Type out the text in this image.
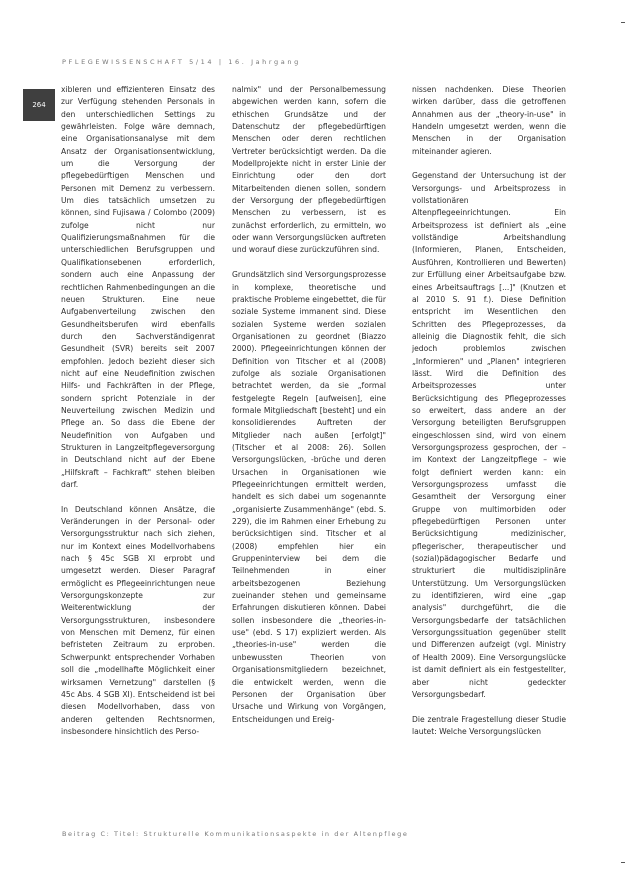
PFLEGEWISSENSCHAFT 5/14 | 16. Jahrgang
264

xibleren und effizienteren Einsatz des zur Verfügung stehenden Personals in den unterschiedlichen Settings zu gewährleisten. Folge wäre demnach, eine Organisationsanalyse mit dem Ansatz der Organisationsentwicklung, um die Versorgung der pflegebedürftigen Menschen und Personen mit Demenz zu verbessern. Um dies tatsächlich umsetzen zu können, sind Fujisawa / Colombo (2009) zufolge nicht nur Qualifizierungsmaßnahmen für die unterschiedlichen Berufsgruppen und Qualifikationsebenen erforderlich, sondern auch eine Anpassung der rechtlichen Rahmenbedingungen an die neuen Strukturen. Eine neue Aufgabenverteilung zwischen den Gesundheitsberufen wird ebenfalls durch den Sachverständigenrat Gesundheit (SVR) bereits seit 2007 empfohlen. Jedoch bezieht dieser sich nicht auf eine Neudefinition zwischen Hilfs- und Fachkräften in der Pflege, sondern spricht Potenziale in der Neuverteilung zwischen Medizin und Pflege an. So dass die Ebene der Neudefinition von Aufgaben und Strukturen in Langzeitpflegeversorgung in Deutschland nicht auf der Ebene „Hilfskraft – Fachkraft" stehen bleiben darf.

In Deutschland können Ansätze, die Veränderungen in der Personal- oder Versorgungsstruktur nach sich ziehen, nur im Kontext eines Modellvorhabens nach § 45c SGB XI erprobt und umgesetzt werden. Dieser Paragraf ermöglicht es Pflegeeinrichtungen neue Versorgungskonzepte zur Weiterentwicklung der Versorgungsstrukturen, insbesondere von Menschen mit Demenz, für einen befristeten Zeitraum zu erproben. Schwerpunkt entsprechender Vorhaben soll die „modellhafte Möglichkeit einer wirksamen Vernetzung" darstellen (§ 45c Abs. 4 SGB XI). Entscheidend ist bei diesen Modellvorhaben, dass von anderen geltenden Rechtsnormen, insbesondere hinsichtlich des Perso-

nalmix" und der Personalbemessung abgewichen werden kann, sofern die ethischen Grundsätze und der Datenschutz der pflegebedürftigen Menschen oder deren rechtlichen Vertreter berücksichtigt werden. Da die Modellprojekte nicht in erster Linie der Einrichtung oder den dort Mitarbeitenden dienen sollen, sondern der Versorgung der pflegebedürftigen Menschen zu verbessern, ist es zunächst erforderlich, zu ermitteln, wo oder wann Versorgungslücken auftreten und worauf diese zurückzuführen sind.

Grundsätzlich sind Versorgungsprozesse in komplexe, theoretische und praktische Probleme eingebettet, die für soziale Systeme immanent sind. Diese sozialen Systeme werden sozialen Organisationen zu geordnet (Biazzo 2000). Pflegeeinrichtungen können der Definition von Titscher et al (2008) zufolge als soziale Organisationen betrachtet werden, da sie „formal festgelegte Regeln [aufweisen], eine formale Mitgliedschaft [besteht] und ein konsolidierendes Auftreten der Mitglieder nach außen [erfolgt]" (Titscher et al 2008: 26). Sollen Versorgungslücken, -brüche und deren Ursachen in Organisationen wie Pflegeeinrichtungen ermittelt werden, handelt es sich dabei um sogenannte „organisierte Zusammenhänge" (ebd. S. 229), die im Rahmen einer Erhebung zu berücksichtigen sind. Titscher et al (2008) empfehlen hier ein Gruppeninterview bei dem die Teilnehmenden in einer arbeitsbezogenen Beziehung zueinander stehen und gemeinsame Erfahrungen diskutieren können. Dabei sollen insbesondere die „theories-in-use" (ebd. S 17) expliziert werden. Als „theories-in-use" werden die unbewussten Theorien von Organisationsmitgliedern bezeichnet, die entwickelt werden, wenn die Personen der Organisation über Ursache und Wirkung von Vorgängen, Entscheidungen und Ereig-

nissen nachdenken. Diese Theorien wirken darüber, dass die getroffenen Annahmen aus der „theory-in-use" in Handeln umgesetzt werden, wenn die Menschen in der Organisation miteinander agieren.

Gegenstand der Untersuchung ist der Versorgungs- und Arbeitsprozess in vollstationären Altenpflegeeinrichtungen. Ein Arbeitsprozess ist definiert als „eine vollständige Arbeitshandlung (Informieren, Planen, Entscheiden, Ausführen, Kontrollieren und Bewerten) zur Erfüllung einer Arbeitsaufgabe bzw. eines Arbeitsauftrags [...]" (Knutzen et al 2010 S. 91 f.). Diese Definition entspricht im Wesentlichen den Schritten des Pflegeprozesses, da alleinig die Diagnostik fehlt, die sich jedoch problemlos zwischen „Informieren" und „Planen" integrieren lässt. Wird die Definition des Arbeitsprozesses unter Berücksichtigung des Pflegeprozesses so erweitert, dass andere an der Versorgung beteiligten Berufsgruppen eingeschlossen sind, wird von einem Versorgungsprozess gesprochen, der – im Kontext der Langzeitpflege – wie folgt definiert werden kann: ein Versorgungsprozess umfasst die Gesamtheit der Versorgung einer Gruppe von multimorbiden oder pflegebedürftigen Personen unter Berücksichtigung medizinischer, pflegerischer, therapeutischer und (sozial)pädagogischer Bedarfe und strukturiert die multidisziplinäre Unterstützung. Um Versorgungslücken zu identifizieren, wird eine „gap analysis" durchgeführt, die die Versorgungsbedarfe der tatsächlichen Versorgungssituation gegenüber stellt und Differenzen aufzeigt (vgl. Ministry of Health 2009). Eine Versorgungslücke ist damit definiert als ein festgestellter, aber nicht gedeckter Versorgungsbedarf.

Die zentrale Fragestellung dieser Studie lautet: Welche Versorgungslücken

Beitrag C: Titel: Strukturelle Kommunikationsaspekte in der Altenpflege
